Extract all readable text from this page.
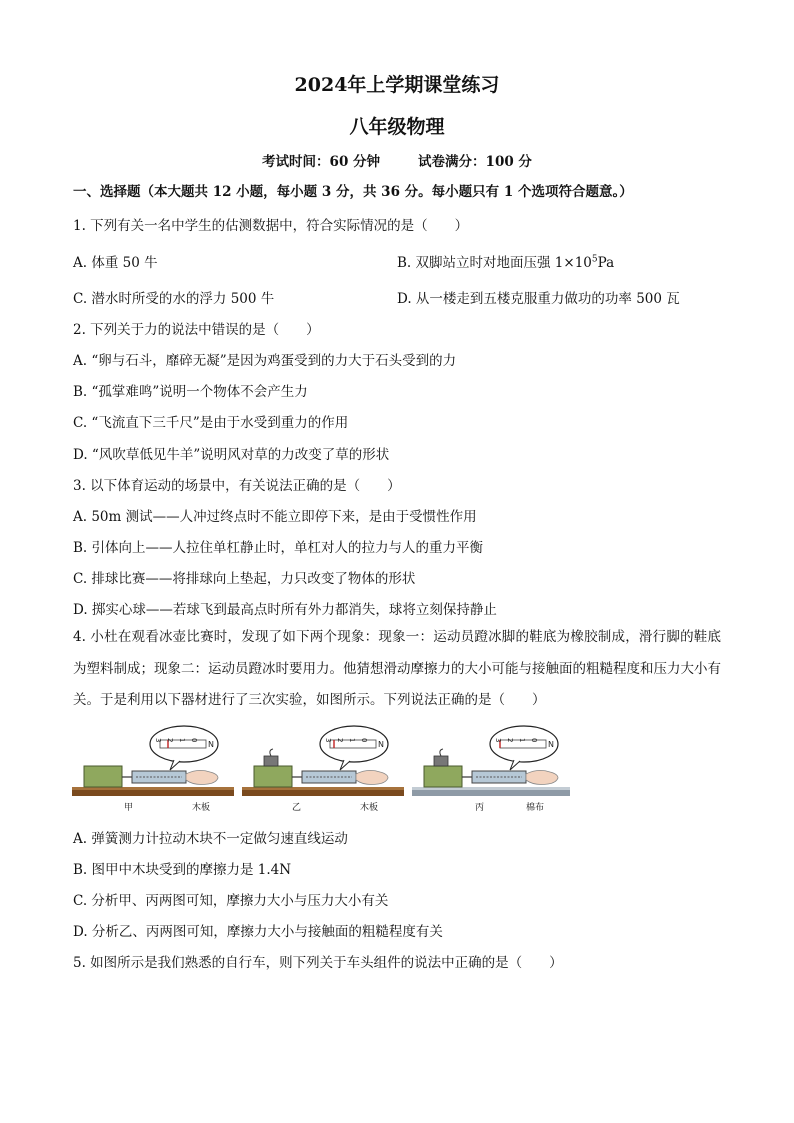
2024年上学期课堂练习
八年级物理
考试时间：60 分钟	试卷满分：100 分
一、选择题（本大题共 12 小题，每小题 3 分，共 36 分。每小题只有 1 个选项符合题意。）
1. 下列有关一名中学生的估测数据中，符合实际情况的是（　　）
A. 体重 50 牛	B. 双脚站立时对地面压强 $1\times 10^5Pa$
C. 潜水时所受的水的浮力 500 牛	D. 从一楼走到五楼克服重力做功的功率 500 瓦
2. 下列关于力的说法中错误的是（　　）
A. “卵与石斗，靡碎无凝”是因为鸡蛋受到的力大于石头受到的力
B. “孤掌难鸣”说明一个物体不会产生力
C. “飞流直下三千尺”是由于水受到重力的作用
D. “风吹草低见牛羊”说明风对草的力改变了草的形状
3. 以下体育运动的场景中，有关说法正确的是（　　）
A. 50m 测试——人冲过终点时不能立即停下来，是由于受惯性作用
B. 引体向上——人拉住单杠静止时，单杠对人的拉力与人的重力平衡
C. 排球比赛——将排球向上垫起，力只改变了物体的形状
D. 掷实心球——若球飞到最高点时所有外力都消失，球将立刻保持静止
4. 小杜在观看冰壶比赛时，发现了如下两个现象：现象一：运动员蹬冰脚的鞋底为橡胶制成，滑行脚的鞋底为塑料制成；现象二：运动员蹬冰时要用力。他猜想滑动摩擦力的大小可能与接触面的粗糙程度和压力大小有关。于是利用以下器材进行了三次实验，如图所示。下列说法正确的是（　　）
3 2 1 0 N	3 2 1 0 N	3 2 1 0 N
甲	木板	乙	木板	丙	棉布
A. 弹簧测力计拉动木块不一定做匀速直线运动
B. 图甲中木块受到的摩擦力是 1.4N
C. 分析甲、丙两图可知，摩擦力大小与压力大小有关
D. 分析乙、丙两图可知，摩擦力大小与接触面的粗糙程度有关
5. 如图所示是我们熟悉的自行车，则下列关于车头组件的说法中正确的是（　　）
